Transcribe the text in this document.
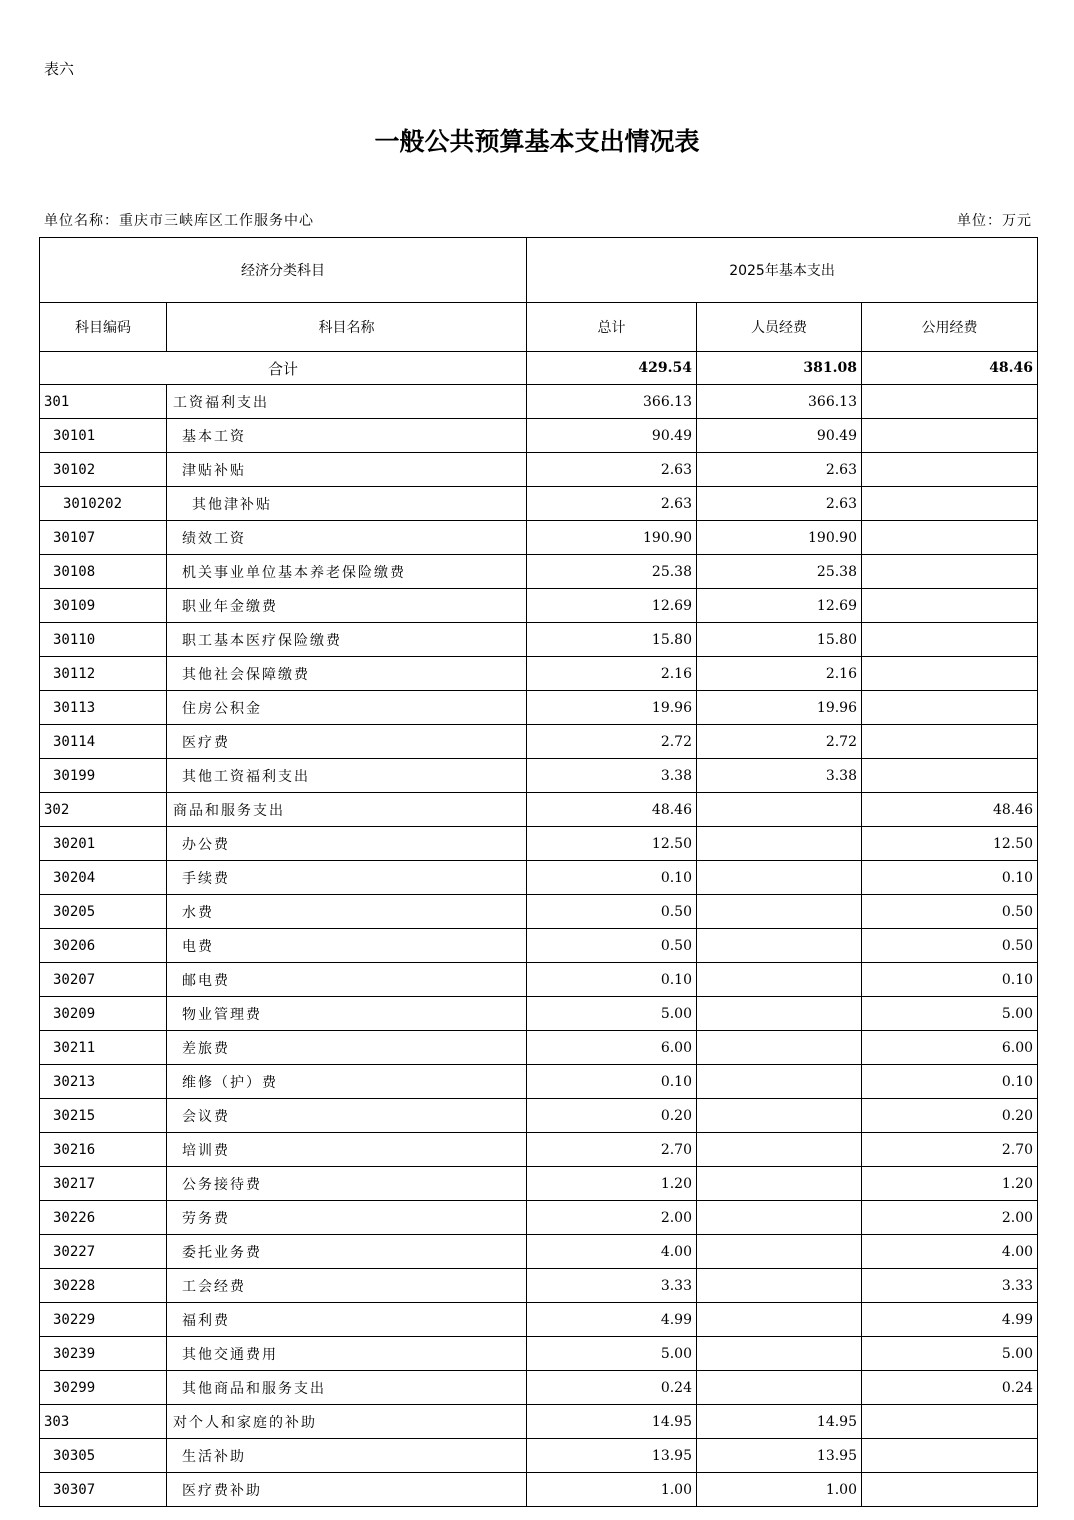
表六
一般公共预算基本支出情况表
单位名称：重庆市三峡库区工作服务中心	单位：万元
经济分类科目		2025年基本支出		
科目编码	科目名称	总计	人员经费	公用经费
合计		429.54	381.08	48.46
301	工资福利支出	366.13	366.13	
30101	基本工资	90.49	90.49	
30102	津贴补贴	2.63	2.63	
3010202	其他津补贴	2.63	2.63	
30107	绩效工资	190.90	190.90	
30108	机关事业单位基本养老保险缴费	25.38	25.38	
30109	职业年金缴费	12.69	12.69	
30110	职工基本医疗保险缴费	15.80	15.80	
30112	其他社会保障缴费	2.16	2.16	
30113	住房公积金	19.96	19.96	
30114	医疗费	2.72	2.72	
30199	其他工资福利支出	3.38	3.38	
302	商品和服务支出	48.46		48.46
30201	办公费	12.50		12.50
30204	手续费	0.10		0.10
30205	水费	0.50		0.50
30206	电费	0.50		0.50
30207	邮电费	0.10		0.10
30209	物业管理费	5.00		5.00
30211	差旅费	6.00		6.00
30213	维修（护）费	0.10		0.10
30215	会议费	0.20		0.20
30216	培训费	2.70		2.70
30217	公务接待费	1.20		1.20
30226	劳务费	2.00		2.00
30227	委托业务费	4.00		4.00
30228	工会经费	3.33		3.33
30229	福利费	4.99		4.99
30239	其他交通费用	5.00		5.00
30299	其他商品和服务支出	0.24		0.24
303	对个人和家庭的补助	14.95	14.95	
30305	生活补助	13.95	13.95	
30307	医疗费补助	1.00	1.00	
